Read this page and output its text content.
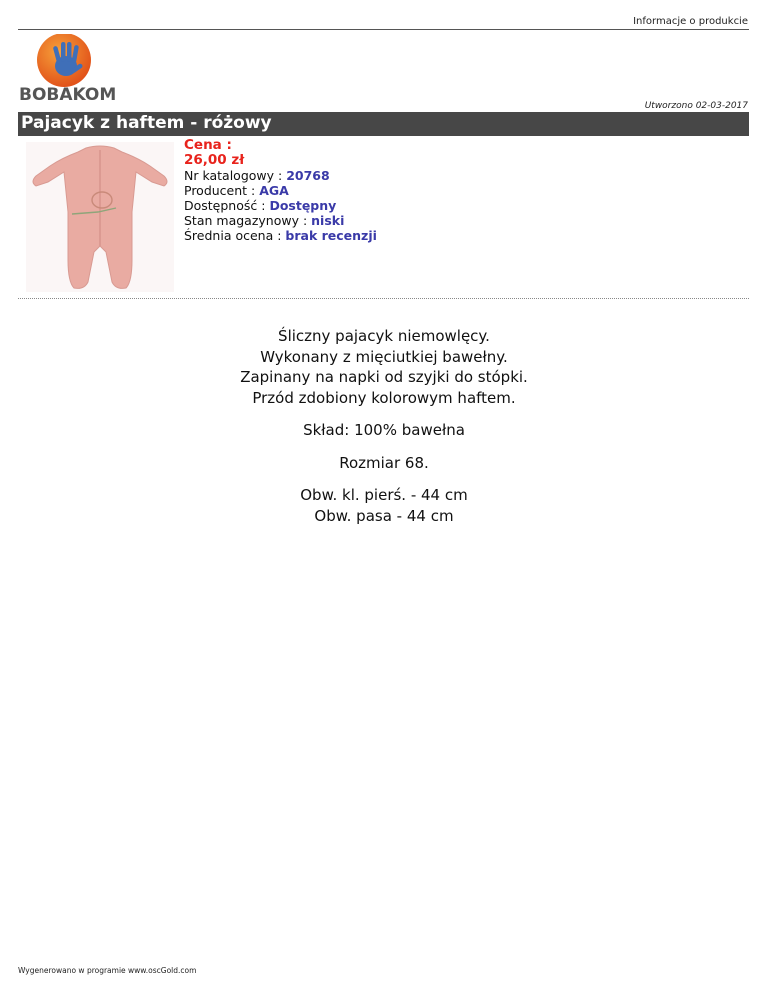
Informacje o produkcie
BOBAKOM
Utworzono 02-03-2017
Pajacyk z haftem - różowy
Cena :
26,00 zł
Nr katalogowy : 20768
Producent : AGA
Dostępność : Dostępny
Stan magazynowy : niski
Średnia ocena : brak recenzji

Śliczny pajacyk niemowlęcy.

Wykonany z mięciutkiej bawełny.

Zapinany na napki od szyjki do stópki.

Przód zdobiony kolorowym haftem.

Skład: 100% bawełna

Rozmiar 68.

Obw. kl. pierś. - 44 cm

Obw. pasa - 44 cm

Wygenerowano w programie www.oscGold.com
